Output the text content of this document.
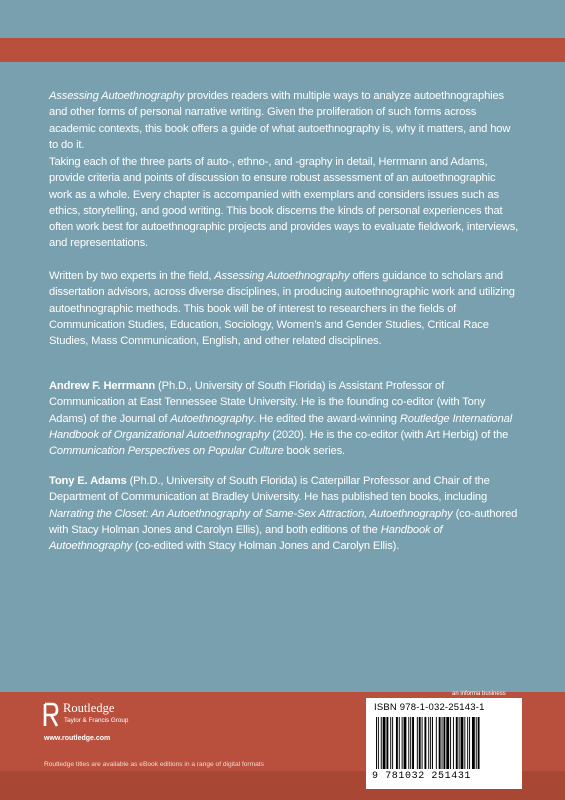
Assessing Autoethnography provides readers with multiple ways to analyze autoethnographies and other forms of personal narrative writing. Given the proliferation of such forms across academic contexts, this book offers a guide of what autoethnography is, why it matters, and how to do it.

Taking each of the three parts of auto-, ethno-, and -graphy in detail, Herrmann and Adams, provide criteria and points of discussion to ensure robust assessment of an autoethnographic work as a whole. Every chapter is accompanied with exemplars and considers issues such as ethics, storytelling, and good writing. This book discerns the kinds of personal experiences that often work best for autoethnographic projects and provides ways to evaluate fieldwork, interviews, and representations.

Written by two experts in the field, Assessing Autoethnography offers guidance to scholars and dissertation advisors, across diverse disciplines, in producing autoethnographic work and utilizing autoethnographic methods. This book will be of interest to researchers in the fields of Communication Studies, Education, Sociology, Women’s and Gender Studies, Critical Race Studies, Mass Communication, English, and other related disciplines.

Andrew F. Herrmann (Ph.D., University of South Florida) is Assistant Professor of Communication at East Tennessee State University. He is the founding co-editor (with Tony Adams) of the Journal of Autoethnography. He edited the award-winning Routledge International Handbook of Organizational Autoethnography (2020). He is the co-editor (with Art Herbig) of the Communication Perspectives on Popular Culture book series.

Tony E. Adams (Ph.D., University of South Florida) is Caterpillar Professor and Chair of the Department of Communication at Bradley University. He has published ten books, including Narrating the Closet: An Autoethnography of Same-Sex Attraction, Autoethnography (co-authored with Stacy Holman Jones and Carolyn Ellis), and both editions of the Handbook of Autoethnography (co-edited with Stacy Holman Jones and Carolyn Ellis).

an informa business
Routledge
Taylor & Francis Group
www.routledge.com
Routledge titles are available as eBook editions in a range of digital formats
ISBN 978-1-032-25143-1
9 781032 251431
